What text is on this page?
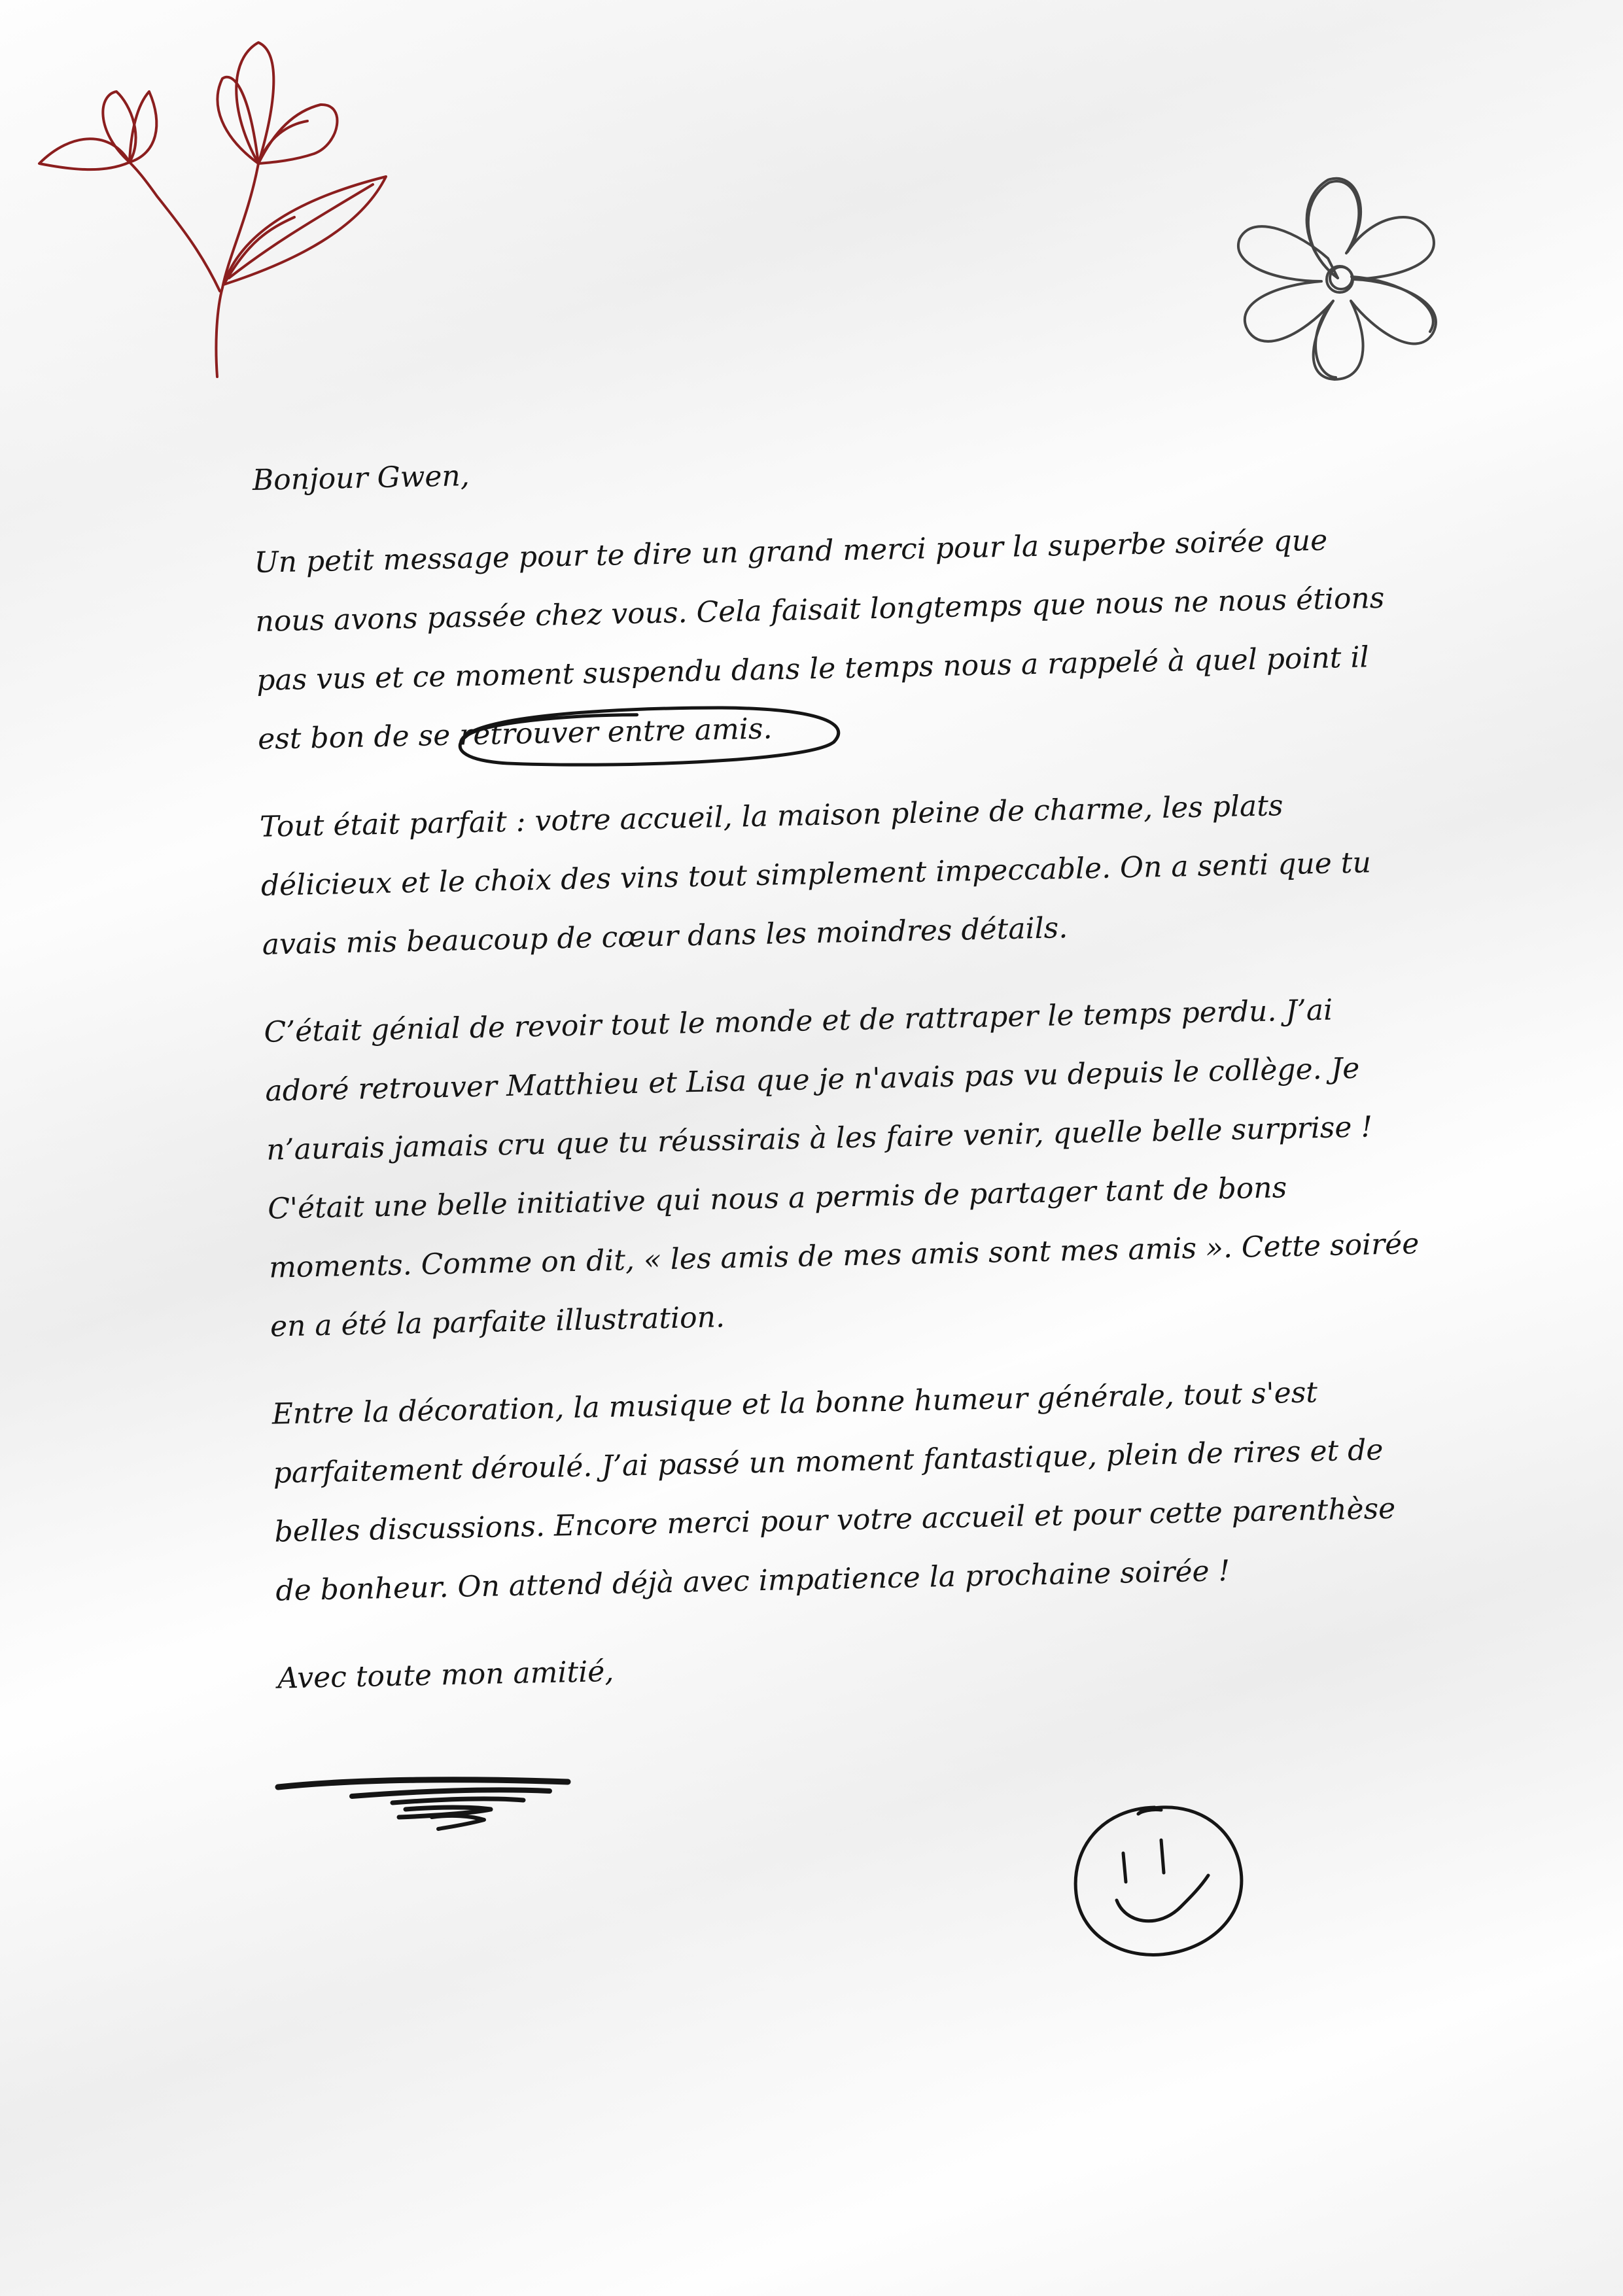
Bonjour Gwen,

Un petit message pour te dire un grand merci pour la superbe soirée que nous avons passée chez vous. Cela faisait longtemps que nous ne nous étions pas vus et ce moment suspendu dans le temps nous a rappelé à quel point il est bon de se
retrouver entre amis.

Tout était parfait : votre accueil, la maison pleine de charme, les plats délicieux et le choix des vins tout simplement impeccable. On a senti que tu avais mis beaucoup de cœur dans les moindres détails.

C’était génial de revoir tout le monde et de rattraper le temps perdu. J’ai adoré retrouver Matthieu et Lisa que je n'avais pas vu depuis le collège. Je n’aurais jamais cru que tu réussirais à les faire venir, quelle belle surprise ! C'était une belle initiative qui nous a permis de partager tant de bons moments. Comme on dit, « les amis de mes amis sont mes amis ». Cette soirée en a été la parfaite illustration.

Entre la décoration, la musique et la bonne humeur générale, tout s'est parfaitement déroulé. J’ai passé un moment fantastique, plein de rires et de belles discussions. Encore merci pour votre accueil et pour cette parenthèse de bonheur. On attend déjà avec impatience la prochaine soirée !

Avec toute mon amitié,
